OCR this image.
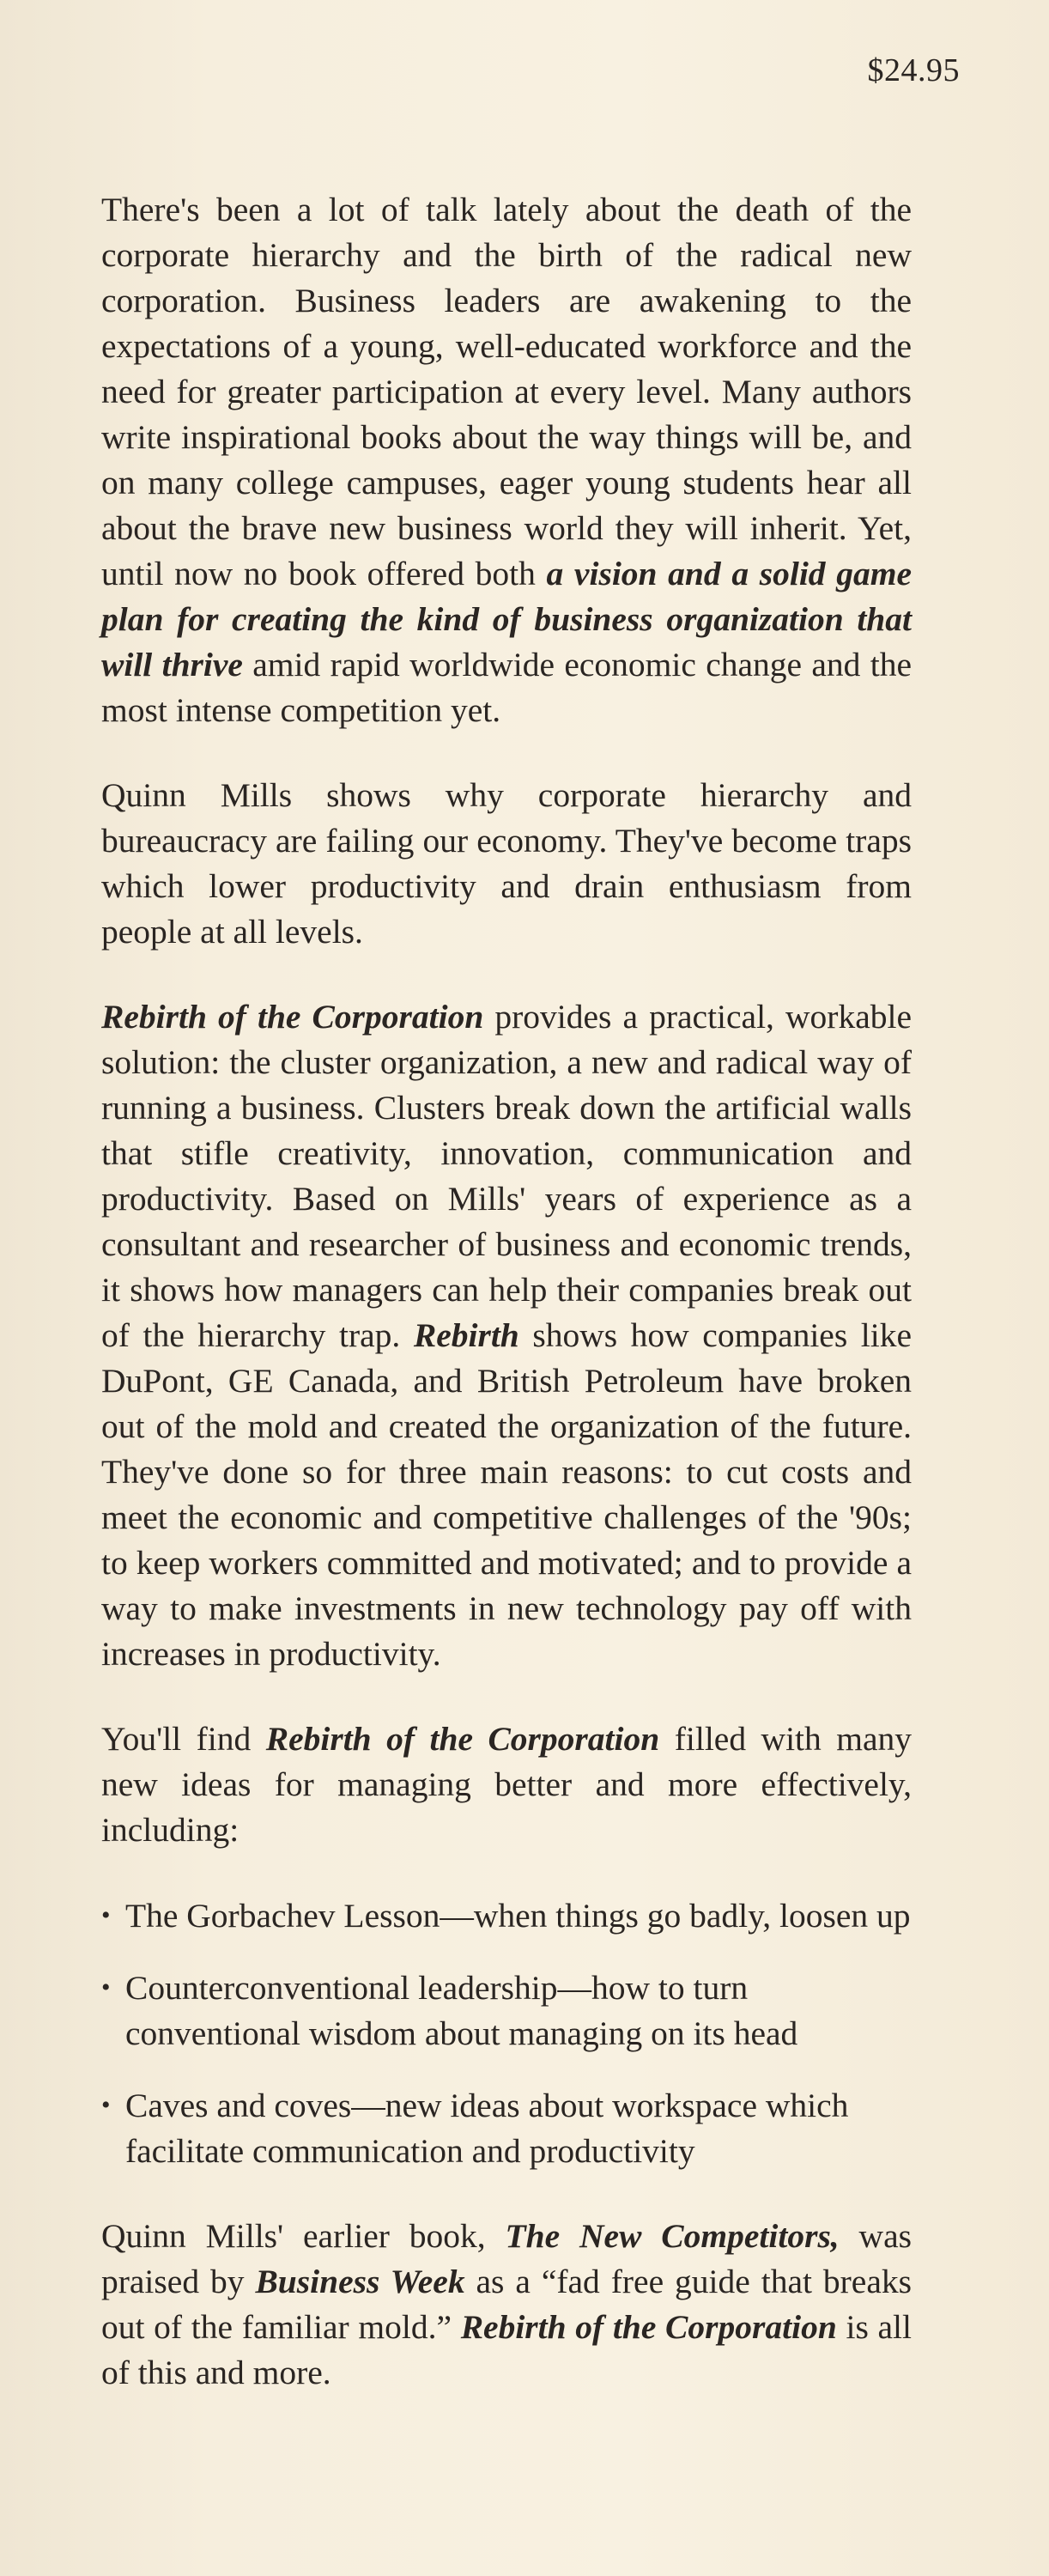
$24.95

There's been a lot of talk lately about the death of the corporate hierarchy and the birth of the radical new corporation. Business leaders are awakening to the expectations of a young, well-educated workforce and the need for greater participation at every level. Many authors write inspirational books about the way things will be, and on many college campuses, eager young students hear all about the brave new business world they will inherit. Yet, until now no book offered both a vision and a solid game plan for creating the kind of business organization that will thrive amid rapid worldwide economic change and the most intense competition yet.

Quinn Mills shows why corporate hierarchy and bureaucracy are failing our economy. They've become traps which lower productivity and drain enthusiasm from people at all levels.

Rebirth of the Corporation provides a practical, workable solution: the cluster organization, a new and radical way of running a business. Clusters break down the artificial walls that stifle creativity, innovation, communication and productivity. Based on Mills' years of experience as a consultant and researcher of business and economic trends, it shows how managers can help their companies break out of the hierarchy trap. Rebirth shows how companies like DuPont, GE Canada, and British Petroleum have broken out of the mold and created the organization of the future. They've done so for three main reasons: to cut costs and meet the economic and competitive challenges of the '90s; to keep workers committed and motivated; and to provide a way to make investments in new technology pay off with increases in productivity.

You'll find Rebirth of the Corporation filled with many new ideas for managing better and more effectively, including:

• The Gorbachev Lesson—when things go badly, loosen up
• Counterconventional leadership—how to turn conventional wisdom about managing on its head
• Caves and coves—new ideas about workspace which facilitate communication and productivity

Quinn Mills' earlier book, The New Competitors, was praised by Business Week as a “fad free guide that breaks out of the familiar mold.” Rebirth of the Corporation is all of this and more.
